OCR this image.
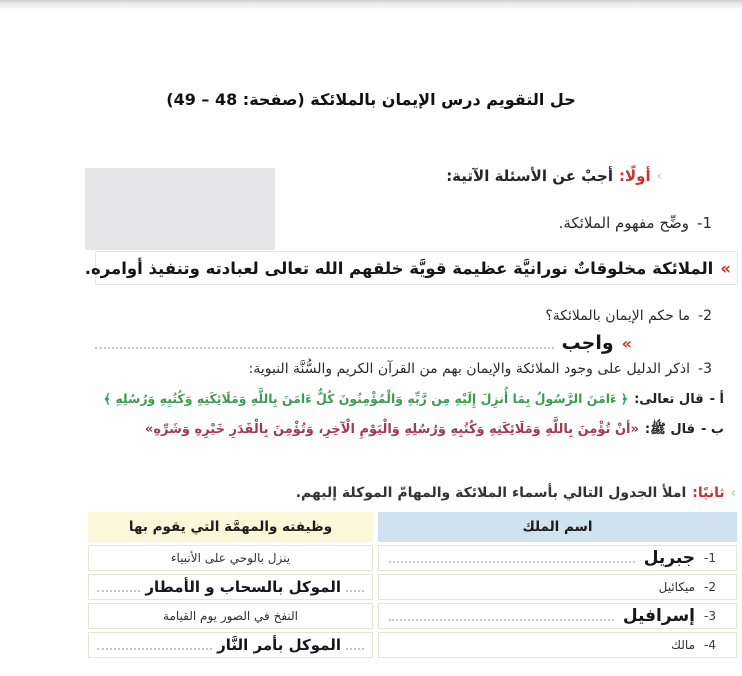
حل التقويم درس الإيمان بالملائكة (صفحة: 48 – 49)
‹
أولًا:
أجبْ عن الأسئلة الآتية:
1-
وضِّح مفهوم الملائكة.
«
الملائكة مخلوقاتٌ نورانيَّة عظيمة قويَّة خلقهم الله تعالى لعبادته وتنفيذ أوامره.
2-
ما حكم الإيمان بالملائكة؟
«
واجب
3-
اذكر الدليل على وجود الملائكة والإيمان بهم من القرآن الكريم والسُّنَّة النبوية:
أ -
قال تعالى:
﴿ ءَامَنَ الرَّسُولُ بِمَا أُنزِلَ إِلَيْهِ مِن رَّبِّهِ وَالْمُؤْمِنُونَ كُلٌّ ءَامَنَ بِاللَّهِ وَمَلَائِكَتِهِ وَكُتُبِهِ وَرُسُلِهِ ﴾
ب -
قال ﷺ:
«أنْ تُؤْمِنَ بِاللَّهِ وَمَلَائِكَتِهِ وَكُتُبِهِ وَرُسُلِهِ وَالْيَوْمِ الْآخِرِ، وَتُؤْمِنَ بِالْقَدَرِ خَيْرِهِ وَشَرِّهِ»
‹
ثانيًا:
املأ الجدول التالي بأسماء الملائكة والمهامّ الموكلة إليهم.
اسم الملك
وظيفته والمهمَّة التي يقوم بها
1-
جبريل
ينزل بالوحي على الأنبياء
2-
ميكائيل
الموكل بالسحاب و الأمطار
3-
إسرافيل
النفخ في الصور يوم القيامة
4-
مالك
الموكل بأمر النَّار
